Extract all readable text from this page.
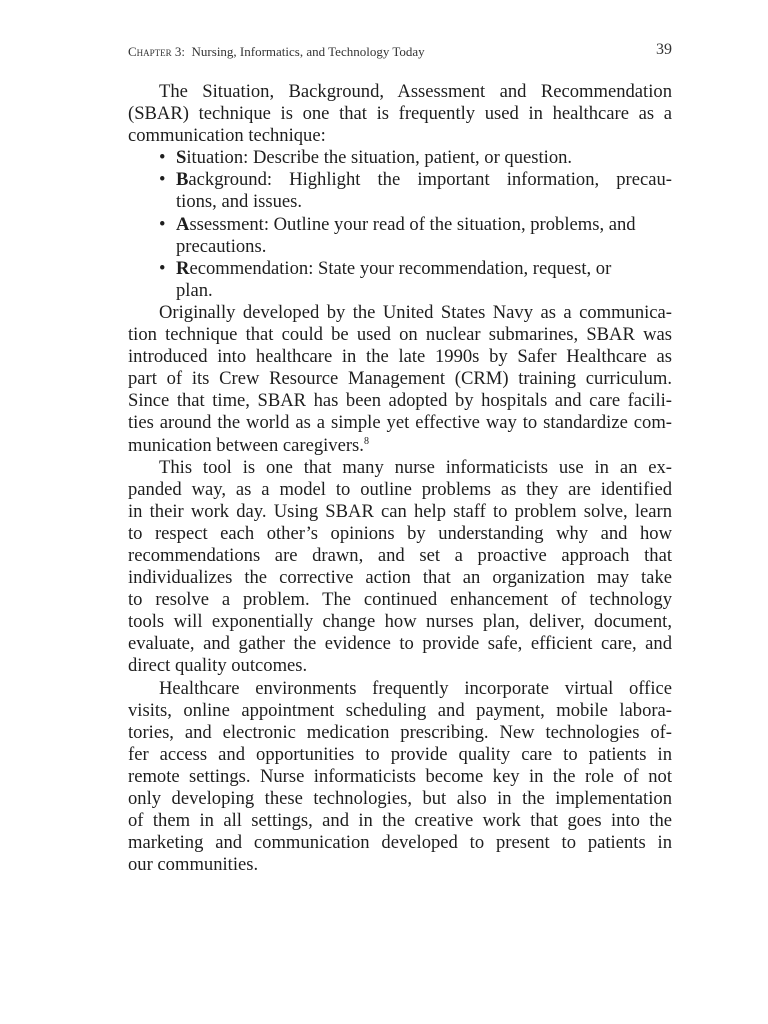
Chapter 3: Nursing, Informatics, and Technology Today	39
The Situation, Background, Assessment and Recommendation
(SBAR) technique is one that is frequently used in healthcare as a
communication technique:
• Situation: Describe the situation, patient, or question.
• Background: Highlight the important information, precau-
tions, and issues.
• Assessment: Outline your read of the situation, problems, and
precautions.
• Recommendation: State your recommendation, request, or
plan.
Originally developed by the United States Navy as a communica-
tion technique that could be used on nuclear submarines, SBAR was
introduced into healthcare in the late 1990s by Safer Healthcare as
part of its Crew Resource Management (CRM) training curriculum.
Since that time, SBAR has been adopted by hospitals and care facili-
ties around the world as a simple yet effective way to standardize com-
munication between caregivers.$^8$
This tool is one that many nurse informaticists use in an ex-
panded way, as a model to outline problems as they are identified
in their work day. Using SBAR can help staff to problem solve, learn
to respect each other’s opinions by understanding why and how
recommendations are drawn, and set a proactive approach that
individualizes the corrective action that an organization may take
to resolve a problem. The continued enhancement of technology
tools will exponentially change how nurses plan, deliver, document,
evaluate, and gather the evidence to provide safe, efficient care, and
direct quality outcomes.
Healthcare environments frequently incorporate virtual office
visits, online appointment scheduling and payment, mobile labora-
tories, and electronic medication prescribing. New technologies of-
fer access and opportunities to provide quality care to patients in
remote settings. Nurse informaticists become key in the role of not
only developing these technologies, but also in the implementation
of them in all settings, and in the creative work that goes into the
marketing and communication developed to present to patients in
our communities.
